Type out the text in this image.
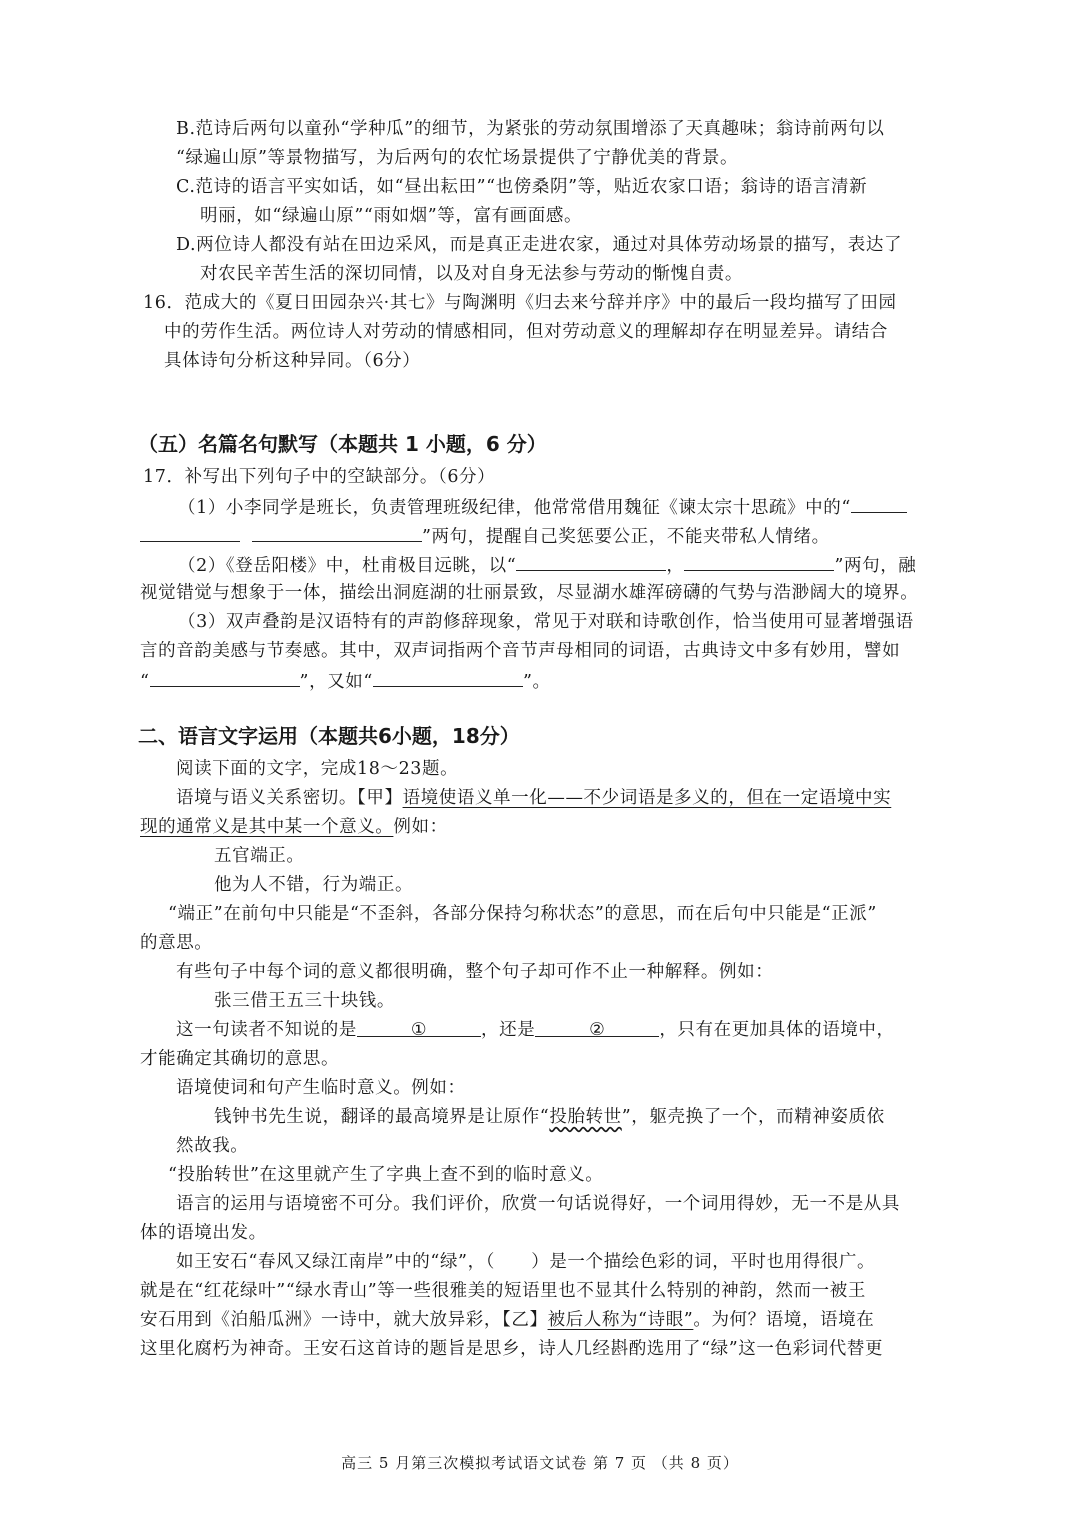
B.范诗后两句以童孙“学种瓜”的细节，为紧张的劳动氛围增添了天真趣味；翁诗前两句以
“绿遍山原”等景物描写，为后两句的农忙场景提供了宁静优美的背景。
C.范诗的语言平实如话，如“昼出耘田”“也傍桑阴”等，贴近农家口语；翁诗的语言清新
明丽，如“绿遍山原”“雨如烟”等，富有画面感。
D.两位诗人都没有站在田边采风，而是真正走进农家，通过对具体劳动场景的描写，表达了
对农民辛苦生活的深切同情，以及对自身无法参与劳动的惭愧自责。
16．范成大的《夏日田园杂兴·其七》与陶渊明《归去来兮辞并序》中的最后一段均描写了田园
中的劳作生活。两位诗人对劳动的情感相同，但对劳动意义的理解却存在明显差异。请结合
具体诗句分析这种异同。（6分）
（五）名篇名句默写（本题共 1 小题，6 分）
17．补写出下列句子中的空缺部分。（6分）
（1）小李同学是班长，负责管理班级纪律，他常常借用魏征《谏太宗十思疏》中的“
”两句，提醒自己奖惩要公正，不能夹带私人情绪。
（2）《登岳阳楼》中，杜甫极目远眺，以“	，	”两句，融
视觉错觉与想象于一体，描绘出洞庭湖的壮丽景致，尽显湖水雄浑磅礴的气势与浩渺阔大的境界。
（3）双声叠韵是汉语特有的声韵修辞现象，常见于对联和诗歌创作，恰当使用可显著增强语
言的音韵美感与节奏感。其中，双声词指两个音节声母相同的词语，古典诗文中多有妙用，譬如
“	”，又如“	”。
二、语言文字运用（本题共6小题，18分）
阅读下面的文字，完成18～23题。
语境与语义关系密切。【甲】语境使语义单一化——不少词语是多义的，但在一定语境中实
现的通常义是其中某一个意义。例如：
五官端正。
他为人不错，行为端正。
“端正”在前句中只能是“不歪斜，各部分保持匀称状态”的意思，而在后句中只能是“正派”
的意思。
有些句子中每个词的意义都很明确，整个句子却可作不止一种解释。例如：
张三借王五三十块钱。
这一句读者不知说的是	①	，还是	②	，只有在更加具体的语境中，
才能确定其确切的意思。
语境使词和句产生临时意义。例如：
钱钟书先生说，翻译的最高境界是让原作“投胎转世”，躯壳换了一个，而精神姿质依
然故我。
“投胎转世”在这里就产生了字典上查不到的临时意义。
语言的运用与语境密不可分。我们评价，欣赏一句话说得好，一个词用得妙，无一不是从具
体的语境出发。
如王安石“春风又绿江南岸”中的“绿”，（　　）是一个描绘色彩的词，平时也用得很广。
就是在“红花绿叶”“绿水青山”等一些很雅美的短语里也不显其什么特别的神韵，然而一被王
安石用到《泊船瓜洲》一诗中，就大放异彩，【乙】被后人称为“诗眼”。为何？语境，语境在
这里化腐朽为神奇。王安石这首诗的题旨是思乡，诗人几经斟酌选用了“绿”这一色彩词代替更
高三 5 月第三次模拟考试语文试卷 第 7 页 （共 8 页）
